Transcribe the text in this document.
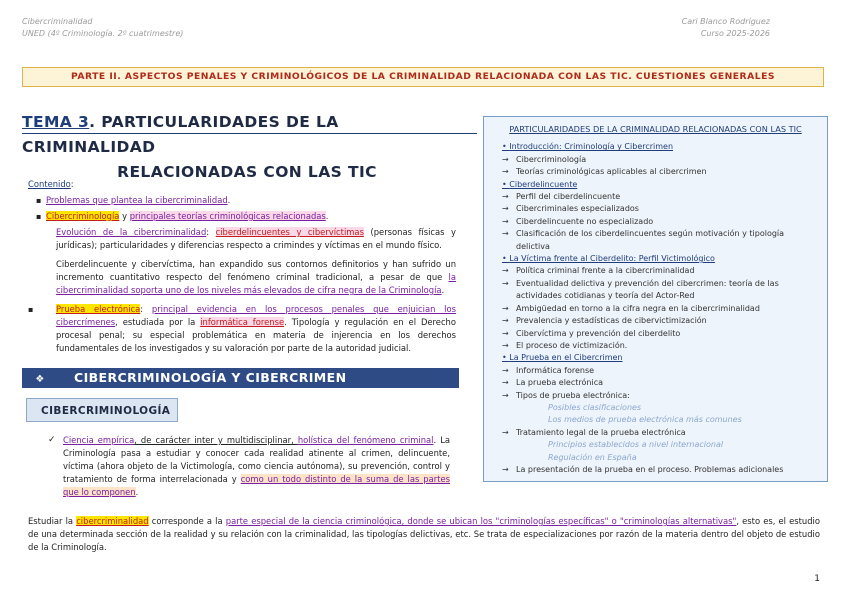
Cibercriminalidad
UNED (4º Criminología. 2º cuatrimestre)
Cari Blanco Rodríguez
Curso 2025-2026
PARTE II. ASPECTOS PENALES Y CRIMINOLÓGICOS DE LA CRIMINALIDAD RELACIONADA CON LAS TIC. CUESTIONES GENERALES
TEMA 3. PARTICULARIDADES DE LA CRIMINALIDAD
RELACIONADAS CON LAS TIC
Contenido:
▪ Problemas que plantea la cibercriminalidad.
▪ Cibercriminología y principales teorías criminológicas relacionadas.
Evolución de la cibercriminalidad: ciberdelincuentes y cibervíctimas (personas físicas y jurídicas); particularidades y diferencias respecto a crimindes y víctimas en el mundo físico.
Ciberdelincuente y cibervíctima, han expandido sus contornos definitorios y han sufrido un incremento cuantitativo respecto del fenómeno criminal tradicional, a pesar de que la cibercriminalidad soporta uno de los niveles más elevados de cifra negra de la Criminología.
▪ Prueba electrónica: principal evidencia en los procesos penales que enjuician los cibercrímenes, estudiada por la informática forense. Tipología y regulación en el Derecho procesal penal; su especial problemática en materia de injerencia en los derechos fundamentales de los investigados y su valoración por parte de la autoridad judicial.
❖ CIBERCRIMINOLOGÍA Y CIBERCRIMEN
CIBERCRIMINOLOGÍA
✓ Ciencia empírica, de carácter inter y multidisciplinar, holística del fenómeno criminal. La Criminología pasa a estudiar y conocer cada realidad atinente al crimen, delincuente, víctima (ahora objeto de la Victimología, como ciencia autónoma), su prevención, control y tratamiento de forma interrelacionada y como un todo distinto de la suma de las partes que lo componen.
PARTICULARIDADES DE LA CRIMINALIDAD RELACIONADAS CON LAS TIC
• Introducción: Criminología y Cibercrimen
→ Cibercriminología
→ Teorías criminológicas aplicables al cibercrimen
• Ciberdelincuente
→ Perfil del ciberdelincuente
→ Cibercriminales especializados
→ Ciberdelincuente no especializado
→ Clasificación de los ciberdelincuentes según motivación y tipología delictiva
• La Víctima frente al Ciberdelito: Perfil Victimológico
→ Política criminal frente a la cibercriminalidad
→ Eventualidad delictiva y prevención del cibercrimen: teoría de las actividades cotidianas y teoría del Actor-Red
→ Ambigüedad en torno a la cifra negra en la cibercriminalidad
→ Prevalencia y estadísticas de cibervictimización
→ Cibervíctima y prevención del ciberdelito
→ El proceso de victimización.
• La Prueba en el Cibercrimen
→ Informática forense
→ La prueba electrónica
→ Tipos de prueba electrónica:
Posibles clasificaciones
Los medios de prueba electrónica más comunes
→ Tratamiento legal de la prueba electrónica
Principios establecidos a nivel internacional
Regulación en España
→ La presentación de la prueba en el proceso. Problemas adicionales
Estudiar la cibercriminalidad corresponde a la parte especial de la ciencia criminológica, donde se ubican los "criminologías específicas" o "criminologías alternativas", esto es, el estudio de una determinada sección de la realidad y su relación con la criminalidad, las tipologías delictivas, etc. Se trata de especializaciones por razón de la materia dentro del objeto de estudio de la Criminología.
1
